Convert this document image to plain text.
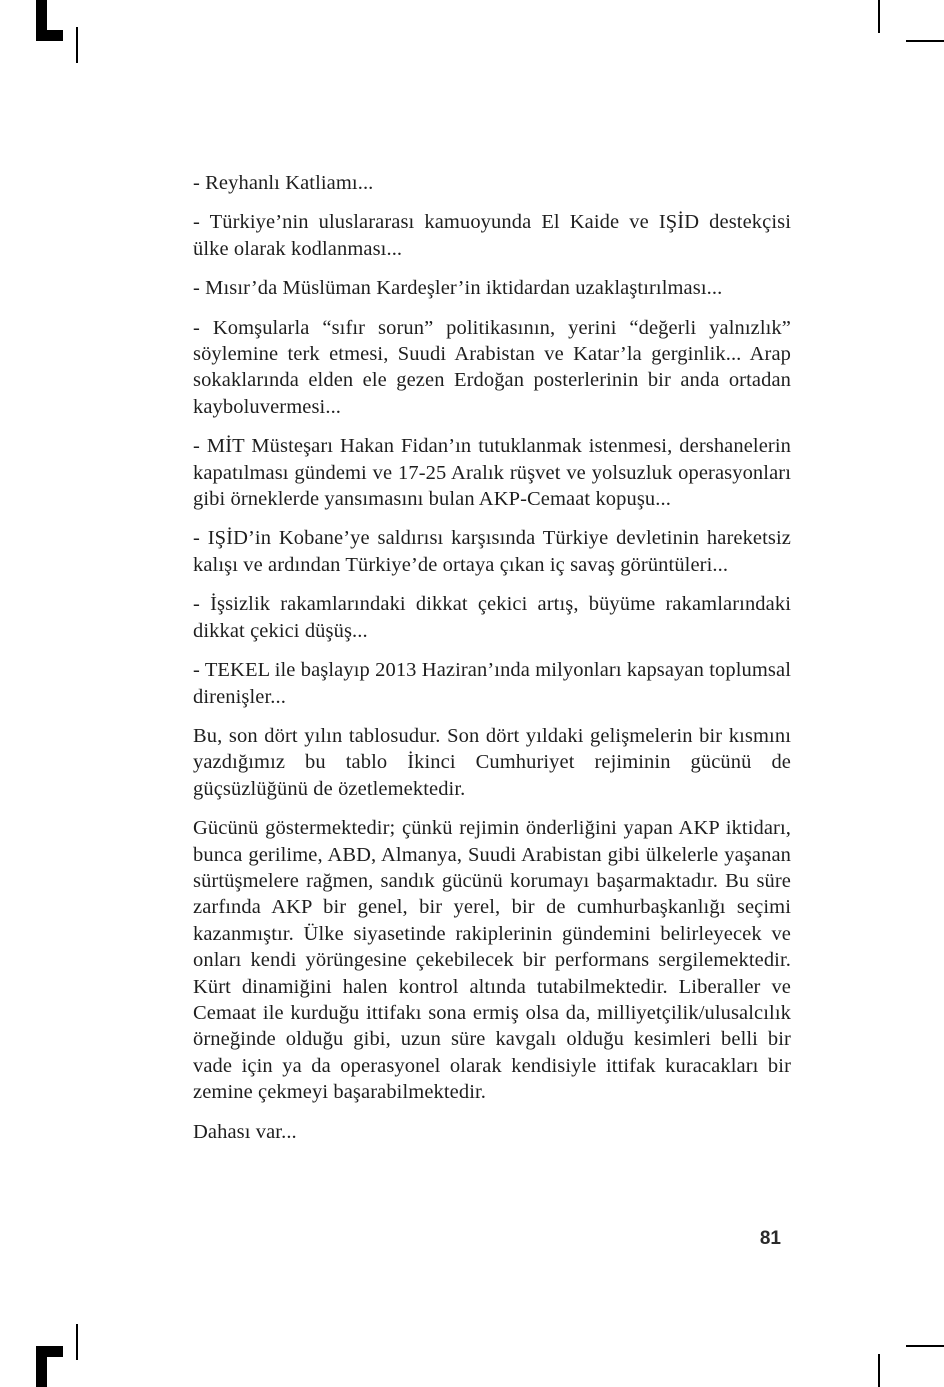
- Reyhanlı Katliamı...

- Türkiye’nin uluslararası kamuoyunda El Kaide ve IŞİD destekçisi ülke olarak kodlanması...

- Mısır’da Müslüman Kardeşler’in iktidardan uzaklaştırılması...

- Komşularla “sıfır sorun” politikasının, yerini “değerli yalnızlık” söylemine terk etmesi, Suudi Arabistan ve Katar’la gerginlik... Arap sokaklarında elden ele gezen Erdoğan posterlerinin bir anda ortadan kayboluvermesi...

- MİT Müsteşarı Hakan Fidan’ın tutuklanmak istenmesi, dershanelerin kapatılması gündemi ve 17-25 Aralık rüşvet ve yolsuzluk operasyonları gibi örneklerde yansımasını bulan AKP-Cemaat kopuşu...

- IŞİD’in Kobane’ye saldırısı karşısında Türkiye devletinin hareketsiz kalışı ve ardından Türkiye’de ortaya çıkan iç savaş görüntüleri...

- İşsizlik rakamlarındaki dikkat çekici artış, büyüme rakamlarındaki dikkat çekici düşüş...

- TEKEL ile başlayıp 2013 Haziran’ında milyonları kapsayan toplumsal direnişler...

Bu, son dört yılın tablosudur. Son dört yıldaki gelişmelerin bir kısmını yazdığımız bu tablo İkinci Cumhuriyet rejiminin gücünü de güçsüzlüğünü de özetlemektedir.

Gücünü göstermektedir; çünkü rejimin önderliğini yapan AKP iktidarı, bunca gerilime, ABD, Almanya, Suudi Arabistan gibi ülkelerle yaşanan sürtüşmelere rağmen, sandık gücünü korumayı başarmaktadır. Bu süre zarfında AKP bir genel, bir yerel, bir de cumhurbaşkanlığı seçimi kazanmıştır. Ülke siyasetinde rakiplerinin gündemini belirleyecek ve onları kendi yörüngesine çekebilecek bir performans sergilemektedir. Kürt dinamiğini halen kontrol altında tutabilmektedir. Liberaller ve Cemaat ile kurduğu ittifakı sona ermiş olsa da, milliyetçilik/ulusalcılık örneğinde olduğu gibi, uzun süre kavgalı olduğu kesimleri belli bir vade için ya da operasyonel olarak kendisiyle ittifak kuracakları bir zemine çekmeyi başarabilmektedir.

Dahası var...

81
